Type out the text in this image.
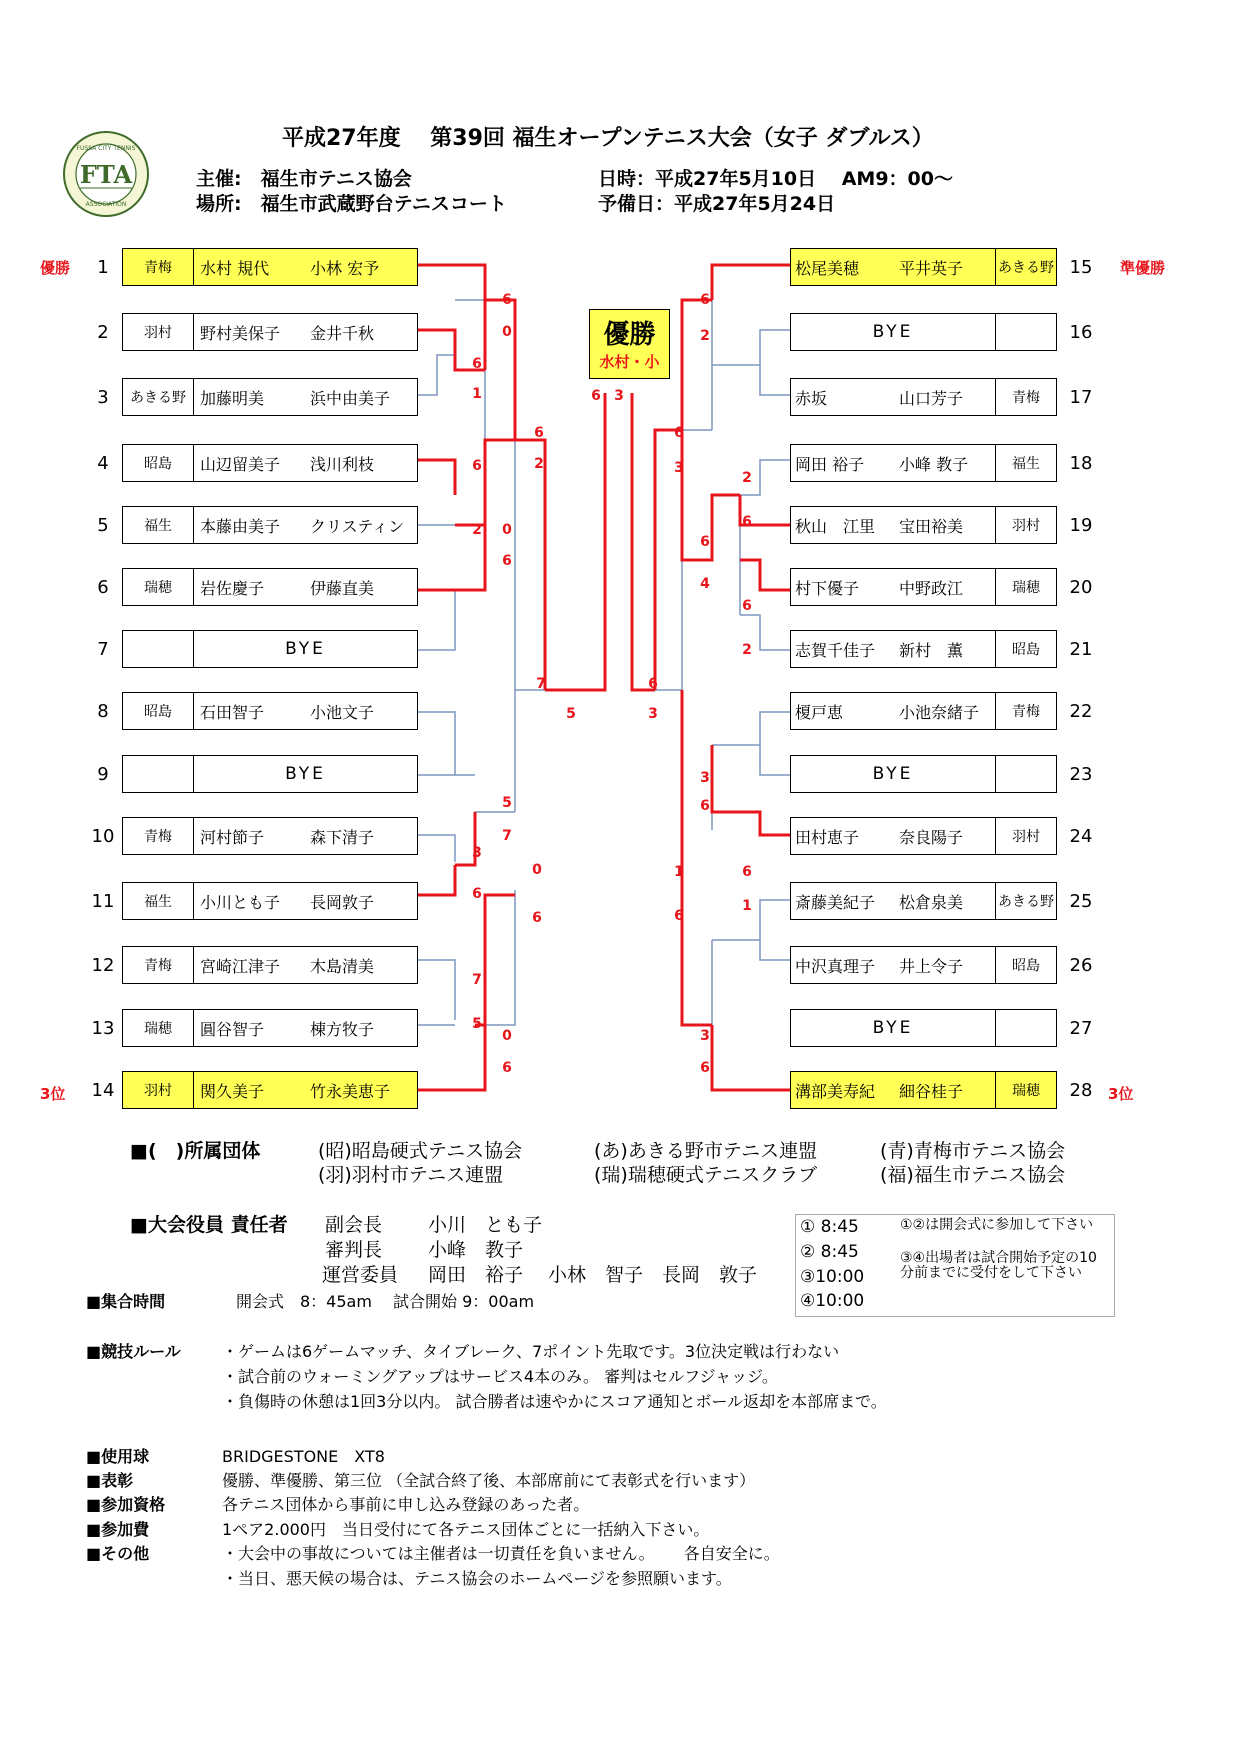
FUSSA CITY TENNIS
FTA
ASSOCIATION
平成27年度　 第39回 福生オープンテニス大会（女子 ダブルス）
主催:　福生市テニス協会
場所:　福生市武蔵野台テニスコート
日時：平成27年5月10日　 AM9：00～
予備日：平成27年5月24日
優勝
水村・小
6 3
優勝	準優勝
3位	3位
1	青梅	水村 規代	小林 宏予
2	羽村	野村美保子	金井千秋
3	あきる野 加藤明美	浜中由美子
4	昭島	山辺留美子	浅川利枝
5	福生	本藤由美子	クリスティン
6	瑞穂	岩佐慶子	伊藤直美
7	BYE
8	昭島	石田智子	小池文子
9	BYE
10	青梅	河村節子	森下清子
11	福生	小川とも子	長岡敦子
12	青梅	宮崎江津子	木島清美
13	瑞穂	圓谷智子	棟方牧子
14	羽村	関久美子	竹永美恵子
15
松尾美穂	平井英子	あきる野
16
BYE
17
赤坂	山口芳子	青梅
18
岡田 裕子	小峰 教子	福生
19
秋山　江里	宝田裕美	羽村
20
村下優子	中野政江	瑞穂
21
志賀千佳子	新村　薫	昭島
22
榎戸恵	小池奈緒子	青梅
23
BYE
24
田村恵子	奈良陽子	羽村
25
斎藤美紀子	松倉泉美	あきる野
26
中沢真理子	井上令子	昭島
27
BYE
28
溝部美寿紀	細谷桂子	瑞穂
6
0
6
1
6
2
6
2 0
6
7
5
5
7
3
6
0
6
7
5
0
6
6
2
6
3
2
6
6
4
6
2
6
3
3
6
6
1
1
6
3
6
■(　)所属団体	(昭)昭島硬式テニス協会
(羽)羽村市テニス連盟
(あ)あきる野市テニス連盟
(瑞)瑞穂硬式テニスクラブ
(青)青梅市テニス協会
(福)福生市テニス協会
■大会役員 責任者 副会長 小川　とも子
審判長 小峰　教子
運営委員 岡田　裕子　 小林　智子　長岡　敦子
① 8:45
② 8:45
③10:00
④10:00
①②は開会式に参加して下さい
③④出場者は試合開始予定の10分前までに受付をして下さい
■集合時間	開会式　8：45am　 試合開始 9：00am
■競技ルール	・ゲームは6ゲームマッチ、タイブレーク、7ポイント先取です。3位決定戦は行わない
・試合前のウォーミングアップはサービス4本のみ。 審判はセルフジャッジ。
・負傷時の休憩は1回3分以内。 試合勝者は速やかにスコア通知とボール返却を本部席まで。
■使用球	BRIDGESTONE　XT8
■表彰	優勝、準優勝、第三位 （全試合終了後、本部席前にて表彰式を行います）
■参加資格	各テニス団体から事前に申し込み登録のあった者。
■参加費	1ペア2.000円　当日受付にて各テニス団体ごとに一括納入下さい。
■その他	・大会中の事故については主催者は一切責任を負いません。　　 各自安全に。
・当日、悪天候の場合は、テニス協会のホームページを参照願います。
